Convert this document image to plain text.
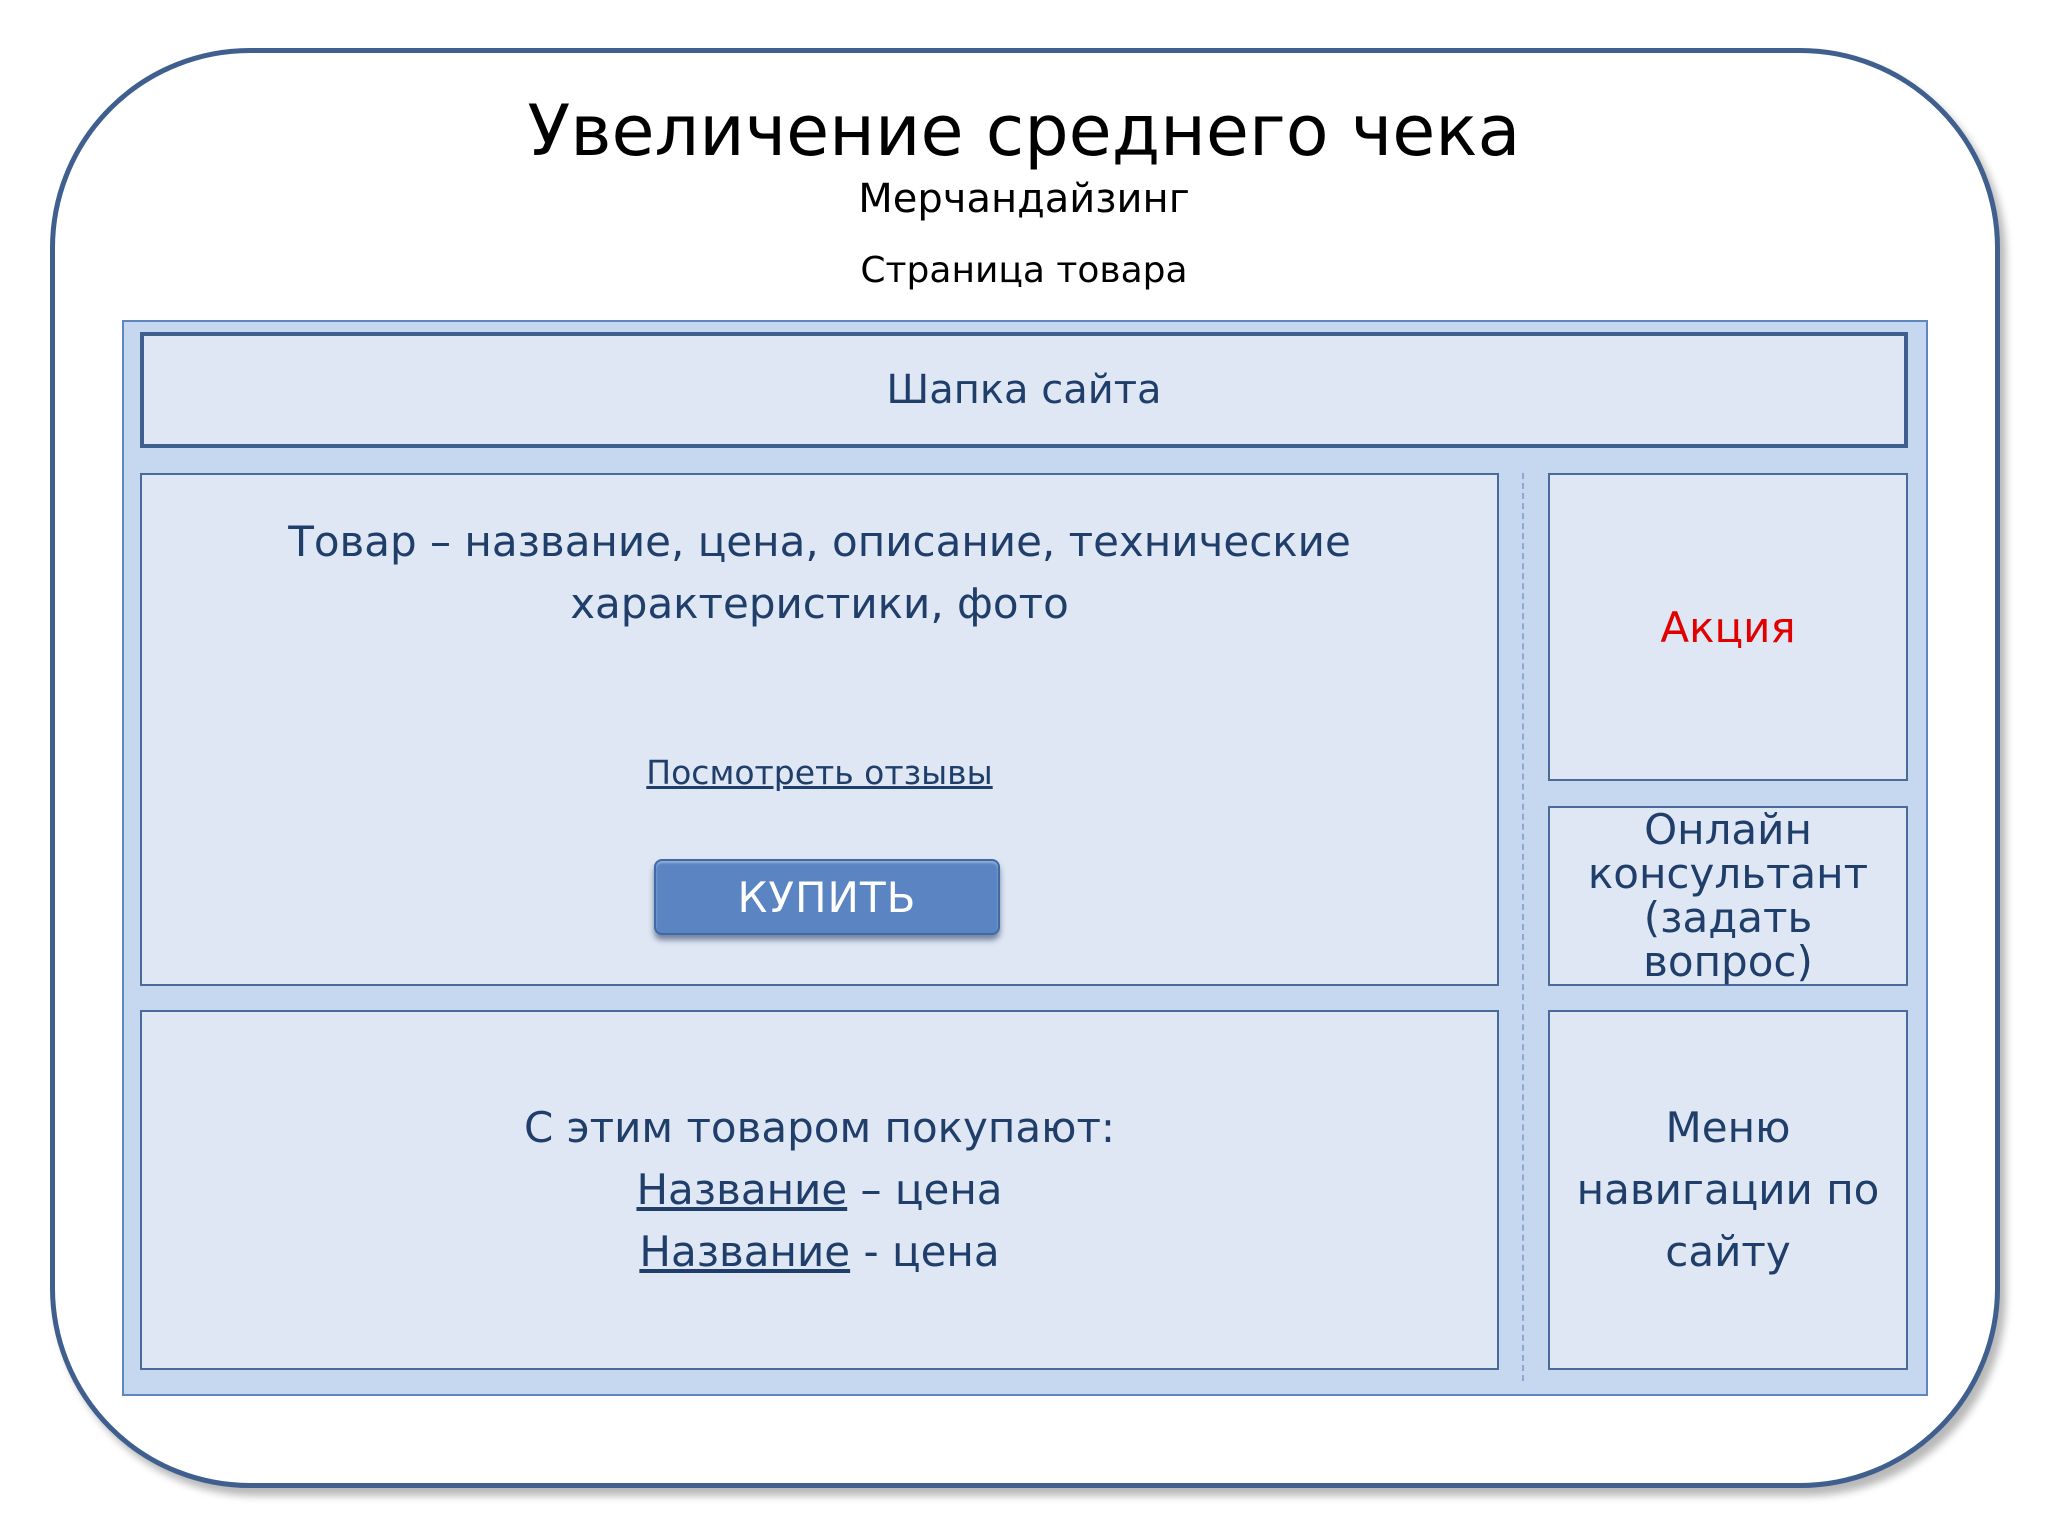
Увеличение среднего чека
Мерчандайзинг
Страница товара
Шапка сайта
Товар – название, цена, описание, технические характеристики, фото
Посмотреть отзывы
КУПИТЬ
С этим товаром покупают:
Название – цена
Название - цена
Акция
Онлайн консультант (задать вопрос)
Меню навигации по сайту
